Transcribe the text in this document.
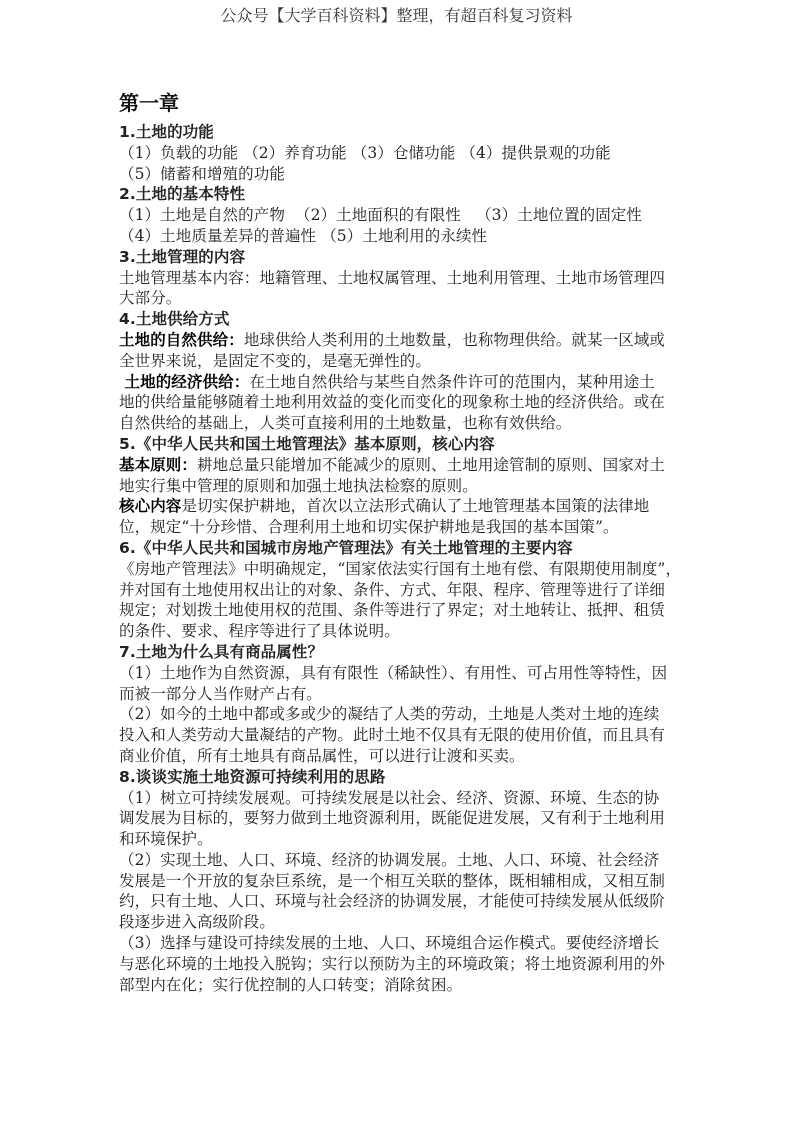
公众号【大学百科资料】整理，有超百科复习资料
第一章
1.土地的功能
（1）负载的功能 （2）养育功能 （3）仓储功能 （4）提供景观的功能
（5）储蓄和增殖的功能
2.土地的基本特性
（1）土地是自然的产物  （2）土地面积的有限性   （3）土地位置的固定性
（4）土地质量差异的普遍性 （5）土地利用的永续性
3.土地管理的内容
土地管理基本内容：地籍管理、土地权属管理、土地利用管理、土地市场管理四
大部分。
4.土地供给方式
土地的自然供给：地球供给人类利用的土地数量，也称物理供给。就某一区域或
全世界来说，是固定不变的，是毫无弹性的。
土地的经济供给：在土地自然供给与某些自然条件许可的范围内，某种用途土
地的供给量能够随着土地利用效益的变化而变化的现象称土地的经济供给。或在
自然供给的基础上，人类可直接利用的土地数量，也称有效供给。
5.《中华人民共和国土地管理法》基本原则，核心内容
基本原则：耕地总量只能增加不能减少的原则、土地用途管制的原则、国家对土
地实行集中管理的原则和加强土地执法检察的原则。
核心内容是切实保护耕地，首次以立法形式确认了土地管理基本国策的法律地
位，规定“十分珍惜、合理利用土地和切实保护耕地是我国的基本国策”。
6.《中华人民共和国城市房地产管理法》有关土地管理的主要内容
《房地产管理法》中明确规定，“国家依法实行国有土地有偿、有限期使用制度”，
并对国有土地使用权出让的对象、条件、方式、年限、程序、管理等进行了详细
规定；对划拨土地使用权的范围、条件等进行了界定；对土地转让、抵押、租赁
的条件、要求、程序等进行了具体说明。
7.土地为什么具有商品属性？
（1）土地作为自然资源，具有有限性（稀缺性）、有用性、可占用性等特性，因
而被一部分人当作财产占有。
（2）如今的土地中都或多或少的凝结了人类的劳动，土地是人类对土地的连续
投入和人类劳动大量凝结的产物。此时土地不仅具有无限的使用价值，而且具有
商业价值，所有土地具有商品属性，可以进行让渡和买卖。
8.谈谈实施土地资源可持续利用的思路
（1）树立可持续发展观。可持续发展是以社会、经济、资源、环境、生态的协
调发展为目标的，要努力做到土地资源利用，既能促进发展，又有利于土地利用
和环境保护。
（2）实现土地、人口、环境、经济的协调发展。土地、人口、环境、社会经济
发展是一个开放的复杂巨系统，是一个相互关联的整体，既相辅相成，又相互制
约，只有土地、人口、环境与社会经济的协调发展，才能使可持续发展从低级阶
段逐步进入高级阶段。
（3）选择与建设可持续发展的土地、人口、环境组合运作模式。要使经济增长
与恶化环境的土地投入脱钩；实行以预防为主的环境政策；将土地资源利用的外
部型内在化；实行优控制的人口转变；消除贫困。
